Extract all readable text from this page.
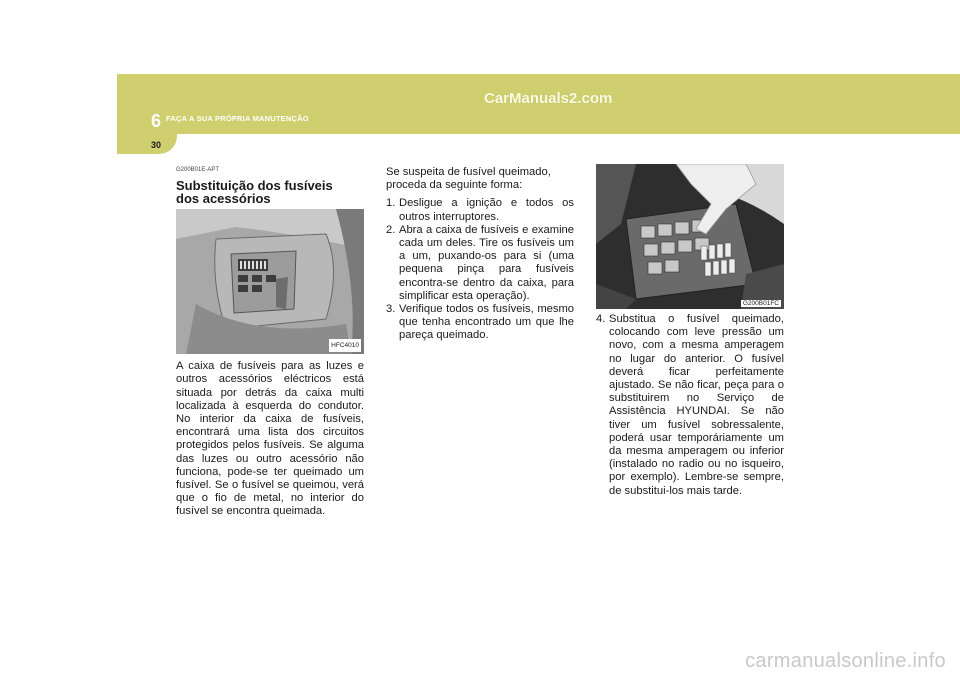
6 FAÇA A SUA PRÓPRIA MANUTENÇÃO
30
CarManuals2.com
G200B01E-APT
Substituição dos fusíveis
dos acessórios
HFC4010

A caixa de fusíveis para as luzes e outros acessórios eléctricos está situada por detrás da caixa multi localizada à esquerda do condutor. No interior da caixa de fusíveis, encontrará uma lista dos circuitos protegidos pelos fusíveis. Se alguma das luzes ou outro acessório não funciona, pode-se ter queimado um fusível. Se o fusível se queimou, verá que o fio de metal, no interior do fusível se encontra queimada.

Se suspeita de fusível queimado, proceda da seguinte forma:

1. Desligue a ignição e todos os outros interruptores.
2. Abra a caixa de fusíveis e examine cada um deles. Tire os fusíveis um a um, puxando-os para si (uma pequena pinça para fusíveis encontra-se dentro da caixa, para simplificar esta operação).
3. Verifique todos os fusíveis, mesmo que tenha encontrado um que lhe pareça queimado.
G200B01FC
4. Substitua o fusível queimado, colocando com leve pressão um novo, com a mesma amperagem no lugar do anterior. O fusível deverá ficar perfeitamente ajustado. Se não ficar, peça para o substituirem no Serviço de Assistência HYUNDAI. Se não tiver um fusível sobressalente, poderá usar temporáriamente um da mesma amperagem ou inferior (instalado no radio ou no isqueiro, por exemplo). Lembre-se sempre, de substitui-los mais tarde.
carmanualsonline.info
